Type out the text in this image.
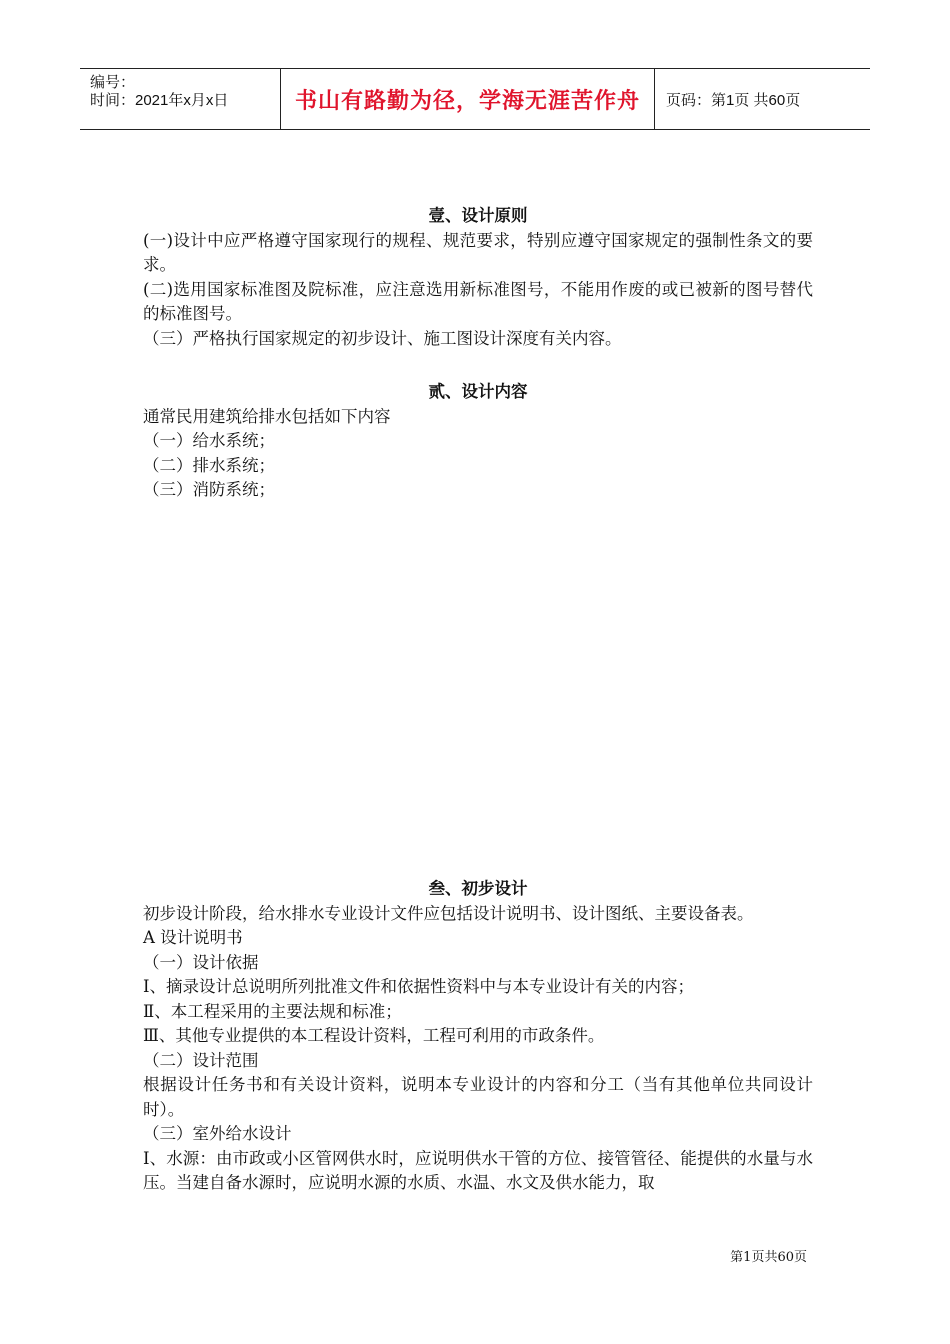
编号：
时间：2021年x月x日	书山有路勤为径，学海无涯苦作舟 页码：第1页 共60页

壹、设计原则

(一)设计中应严格遵守国家现行的规程、规范要求，特别应遵守国家规定的强制性条文的要求。

(二)选用国家标准图及院标准，应注意选用新标准图号，不能用作废的或已被新的图号替代的标准图号。

（三）严格执行国家规定的初步设计、施工图设计深度有关内容。

贰、设计内容

通常民用建筑给排水包括如下内容

（一）给水系统；

（二）排水系统；

（三）消防系统；

叁、初步设计

初步设计阶段，给水排水专业设计文件应包括设计说明书、设计图纸、主要设备表。

A 设计说明书

（一）设计依据

Ⅰ、摘录设计总说明所列批准文件和依据性资料中与本专业设计有关的内容；

Ⅱ、本工程采用的主要法规和标准；

Ⅲ、其他专业提供的本工程设计资料，工程可利用的市政条件。

（二）设计范围

根据设计任务书和有关设计资料，说明本专业设计的内容和分工（当有其他单位共同设计时）。

（三）室外给水设计

Ⅰ、水源：由市政或小区管网供水时，应说明供水干管的方位、接管管径、能提供的水量与水压。当建自备水源时，应说明水源的水质、水温、水文及供水能力，取

第1页共60页
